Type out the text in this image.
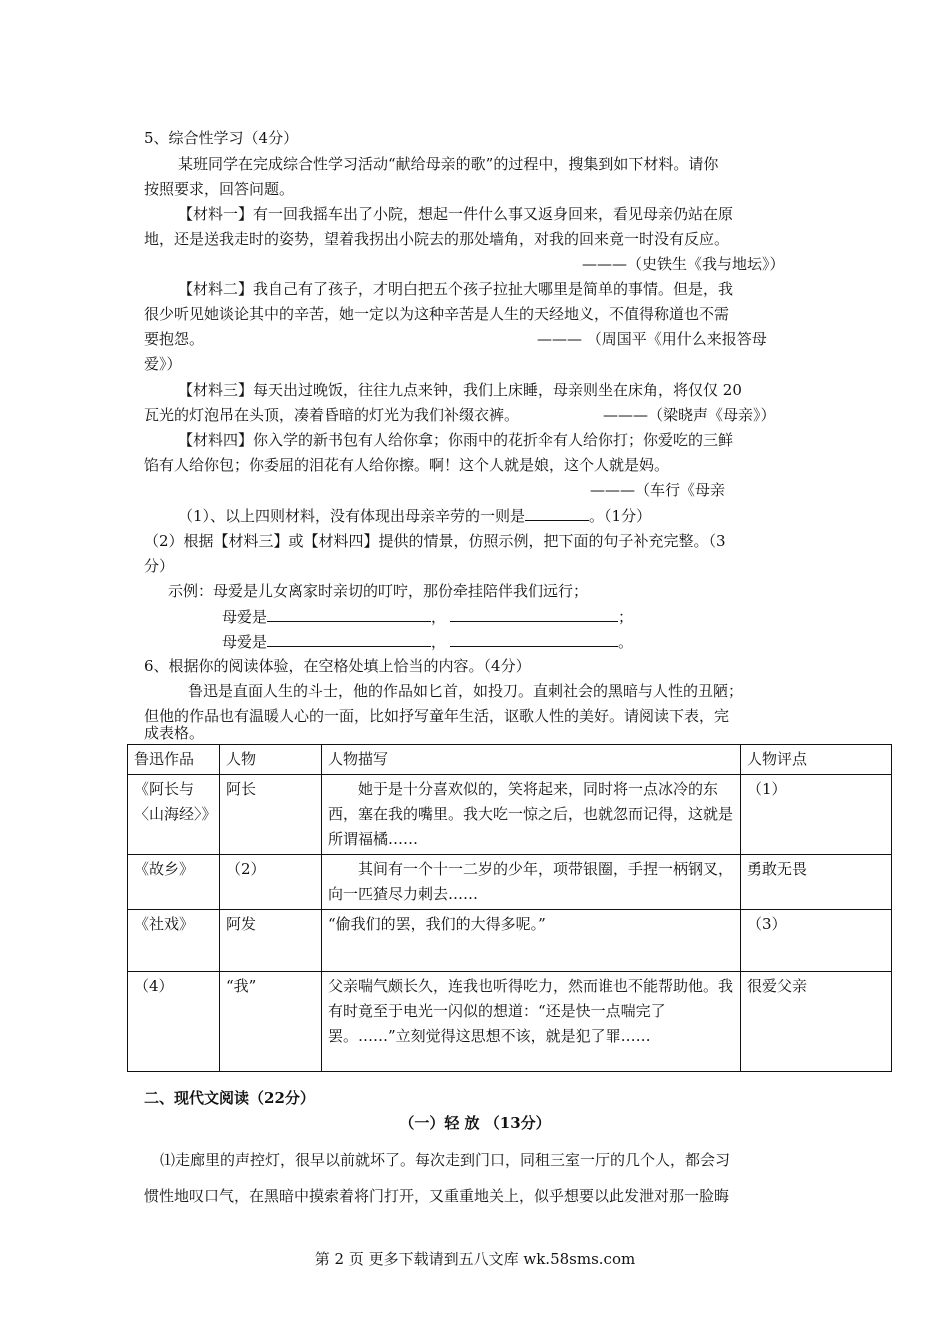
5、综合性学习（4分）
某班同学在完成综合性学习活动“献给母亲的歌”的过程中，搜集到如下材料。请你
按照要求，回答问题。
【材料一】有一回我摇车出了小院，想起一件什么事又返身回来，看见母亲仍站在原
地，还是送我走时的姿势，望着我拐出小院去的那处墙角，对我的回来竟一时没有反应。
———（史铁生《我与地坛》）
【材料二】我自己有了孩子，才明白把五个孩子拉扯大哪里是简单的事情。但是，我
很少听见她谈论其中的辛苦，她一定以为这种辛苦是人生的天经地义，不值得称道也不需
要抱怨。	——— （周国平《用什么来报答母
爱》）
【材料三】每天出过晚饭，往往九点来钟，我们上床睡，母亲则坐在床角，将仅仅 20
瓦光的灯泡吊在头顶，凑着昏暗的灯光为我们补缀衣裤。	———（梁晓声《母亲》）
【材料四】你入学的新书包有人给你拿；你雨中的花折伞有人给你打；你爱吃的三鲜
馅有人给你包；你委屈的泪花有人给你擦。啊！这个人就是娘，这个人就是妈。
———（车行《母亲
（1）、以上四则材料，没有体现出母亲辛劳的一则是	。（1分）
（2）根据【材料三】或【材料四】提供的情景，仿照示例，把下面的句子补充完整。（3
分）
示例：母爱是儿女离家时亲切的叮咛，那份牵挂陪伴我们远行；
母爱是	，	；
母爱是	，	。
6、根据你的阅读体验，在空格处填上恰当的内容。（4分）
鲁迅是直面人生的斗士，他的作品如匕首，如投刀。直刺社会的黑暗与人性的丑陋；
但他的作品也有温暖人心的一面，比如抒写童年生活，讴歌人性的美好。请阅读下表，完
成表格。
鲁迅作品	人物	人物描写	人物评点
《阿长与〈山海经〉》	阿长	她于是十分喜欢似的，笑将起来，同时将一点冰冷的东西，塞在我的嘴里。我大吃一惊之后，也就忽而记得，这就是所谓福橘……	（1）
《故乡》	（2）	其间有一个十一二岁的少年，项带银圈，手捏一柄钢叉，向一匹猹尽力刺去……	勇敢无畏
《社戏》	阿发	“偷我们的罢，我们的大得多呢。”	（3）
（4）	“我”	父亲喘气颇长久，连我也听得吃力，然而谁也不能帮助他。我有时竟至于电光一闪似的想道：“还是快一点喘完了罢。……”立刻觉得这思想不该，就是犯了罪……	很爱父亲
二、现代文阅读（22分）
（一）轻 放 （13分）
⑴走廊里的声控灯，很早以前就坏了。每次走到门口，同租三室一厅的几个人，都会习
惯性地叹口气，在黑暗中摸索着将门打开，又重重地关上，似乎想要以此发泄对那一脸晦
第 2 页 更多下载请到五八文库 wk.58sms.com
